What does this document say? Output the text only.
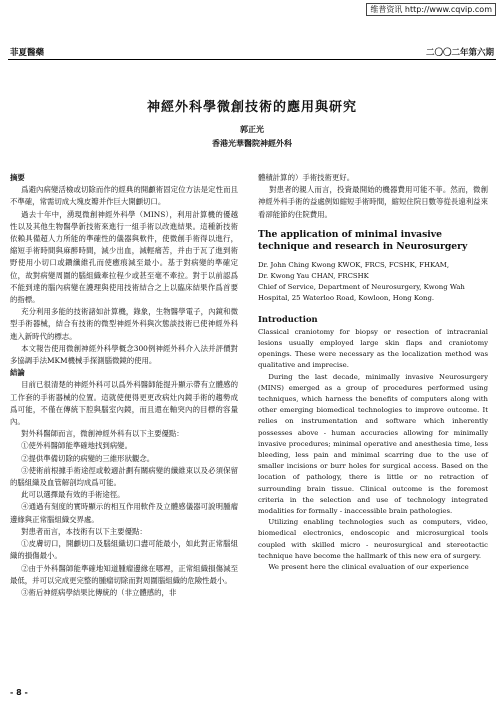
维普资讯 http://www.cqvip.com
菲夏醫藥	二〇〇二年第六期
神經外科學微創技術的應用與研究
郭正光
香港光華醫院神經外科

摘要

爲避內病變活檢或切除而作的經典的開顱術固定位方法是定性而且不準確，常需切成大塊皮瓣并作巨大開顱切口。

過去十年中，湧現微創神經外科學（MINS），利用計算機的優越性以及其他生物醫學新技術來進行一組手術以改進結果。這種新技術依賴具備超人力所能的準確性的儀器與軟件，使微創手術得以進行，縮短手術時間與麻醉時間，減少出血，減輕痛苦，并由于瓦了進到術野使用小切口或鑽纖維孔而使癒痕減至最小。基于對病變的準確定位，故對病變周圍的腦組織牽拉程少或甚至毫不牽拉。對于以前認爲不能到達的腦內病變在護理與使用技術結合之上以臨床結果作爲首要的指標。

充分利用多能的技術諸如計算機，錄象，生物醫學電子，內鏡和微型手術器械，結合有技術的微型神經外科與次態談技術已使神經外科進入新時代的標志。

本文報告使用微創神經外科學概念300例神經外科介入法并評價對多協調手法MKM機械手探測腦微鏡的使用。

結論

目前已很清楚的神經外科可以爲外科醫師能提升顯示帶有立體感的工作套的手術器械的位置。這就使便得更更改病灶內鏡手術的趨勢成爲可能，不僅在傳統下腔與腦室內鏡，而且還在軸突內的目標的容量內。

對外科醫師而言，微創神經外科有以下主要優點：

①使外科醫師能準確地找到病變。

②提供準備切除的病變的三維形狀觀念。

③使術前根據手術途徑或較適計劃有關病變的纖維束以及必須保留的腦組織及血管解剖均成爲可能。

此可以選擇最有效的手術途徑。

④通過有刻度的實時顯示的相互作用軟件及立體感儀器可說明腫瘤邊緣與正常腦組織交界處。

對患者而言，本技術有以下主要優點：

①皮膚切口，開顱切口及腦組織切口盡可能最小，如此對正常腦組織的損傷最小。

②由于外科醫師能準確地知道腫瘤邊緣在哪裡，正常組織損傷減至最低，并可以完成更完整的腫瘤切除而對周圍腦組織的危險性最小。

③術后神經病學結果比傳統的（非立體感的，非

體積計算的）手術技術更好。

對患者的親人而言，投資最開始的機器費用可能不菲。然而，微創神經外科手術的益處例如縮短手術時間，縮短住院日數等從長遠利益來看卻能節約住院費用。

The application of minimal invasive technique and research in Neurosurgery
Dr. John Ching Kwong KWOK, FRCS, FCSHK, FHKAM,
Dr. Kwong Yau CHAN, FRCSHK
Chief of Service, Department of Neurosurgery, Kwong Wah
Hospital, 25 Waterloo Road, Kowloon, Hong Kong.
Introduction

Classical craniotomy for biopsy or resection of intracranial lesions usually employed large skin flaps and craniotomy openings. These were necessary as the localization method was qualitative and imprecise.

During the last decade, minimally invasive Neurosurgery (MINS) emerged as a group of procedures performed using techniques, which harness the benefits of computers along with other emerging biomedical technologies to improve outcome. It relies on instrumentation and software which inherently possesses above - human accuracies allowing for minimally invasive procedures; minimal operative and anesthesia time, less bleeding, less pain and minimal scarring due to the use of smaller incisions or burr holes for surgical access. Based on the location of pathology, there is little or no retraction of surrounding brain tissue. Clinical outcome is the foremost criteria in the selection and use of technology integrated modalities for formally - inaccessible brain pathologies.

Utilizing enabling technologies such as computers, video, biomedical electronics, endoscopic and microsurgical tools coupled with skilled micro - neurosurgical and stereotactic technique have become the hallmark of this new era of surgery.

We present here the clinical evaluation of our experience

- 8 -
